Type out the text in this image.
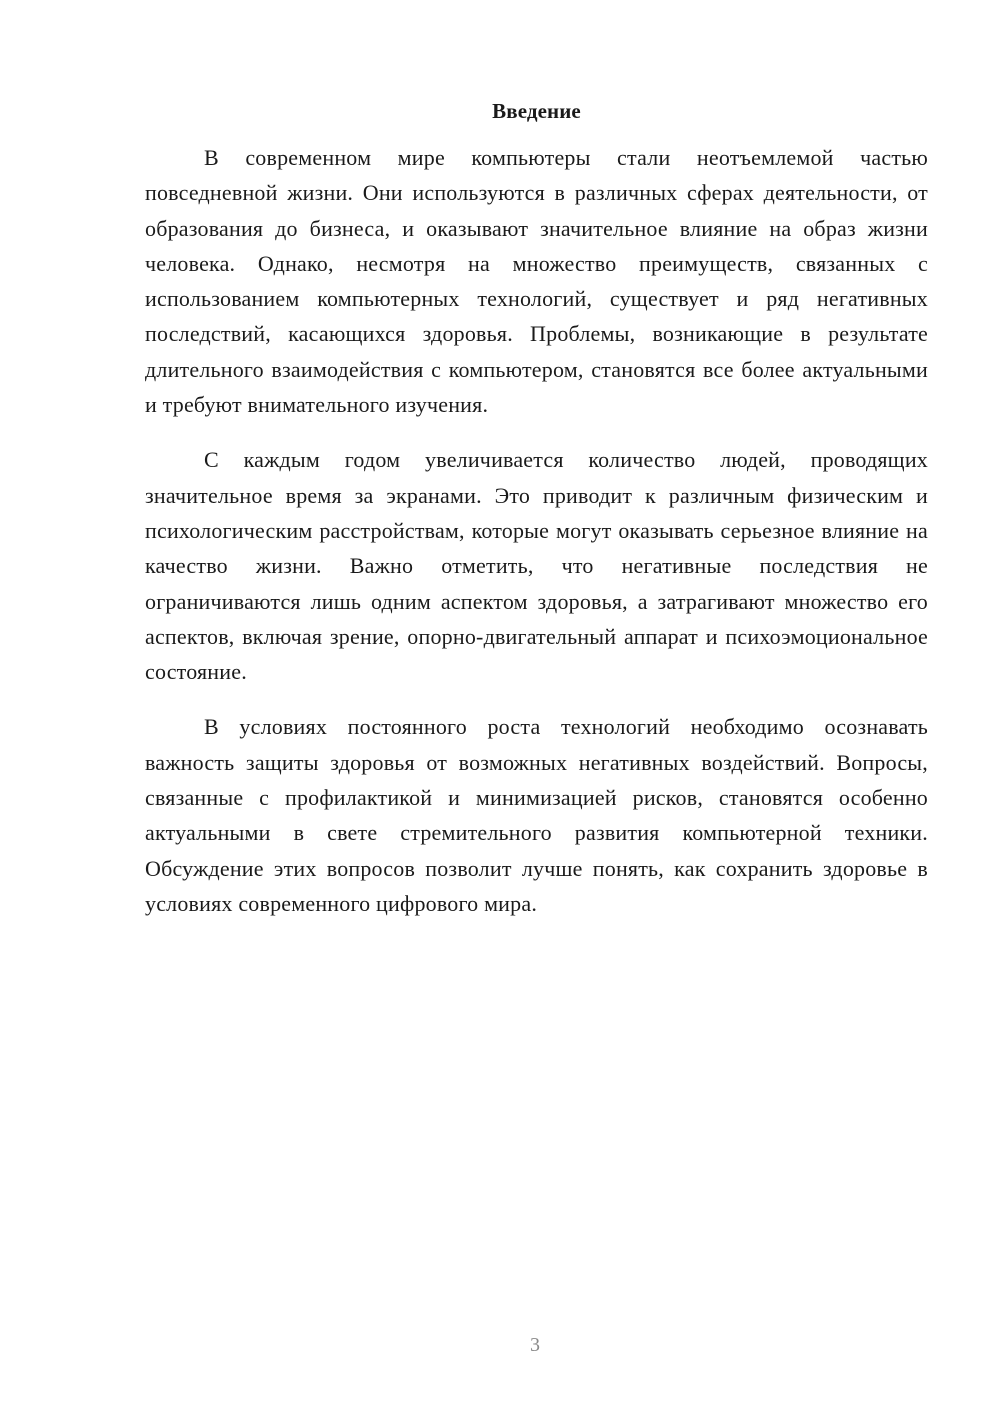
Введение

В современном мире компьютеры стали неотъемлемой частью повседневной жизни. Они используются в различных сферах деятельности, от образования до бизнеса, и оказывают значительное влияние на образ жизни человека. Однако, несмотря на множество преимуществ, связанных с использованием компьютерных технологий, существует и ряд негативных последствий, касающихся здоровья. Проблемы, возникающие в результате длительного взаимодействия с компьютером, становятся все более актуальными и требуют внимательного изучения.

С каждым годом увеличивается количество людей, проводящих значительное время за экранами. Это приводит к различным физическим и психологическим расстройствам, которые могут оказывать серьезное влияние на качество жизни. Важно отметить, что негативные последствия не ограничиваются лишь одним аспектом здоровья, а затрагивают множество его аспектов, включая зрение, опорно-двигательный аппарат и психоэмоциональное состояние.

В условиях постоянного роста технологий необходимо осознавать важность защиты здоровья от возможных негативных воздействий. Вопросы, связанные с профилактикой и минимизацией рисков, становятся особенно актуальными в свете стремительного развития компьютерной техники. Обсуждение этих вопросов позволит лучше понять, как сохранить здоровье в условиях современного цифрового мира.

3
